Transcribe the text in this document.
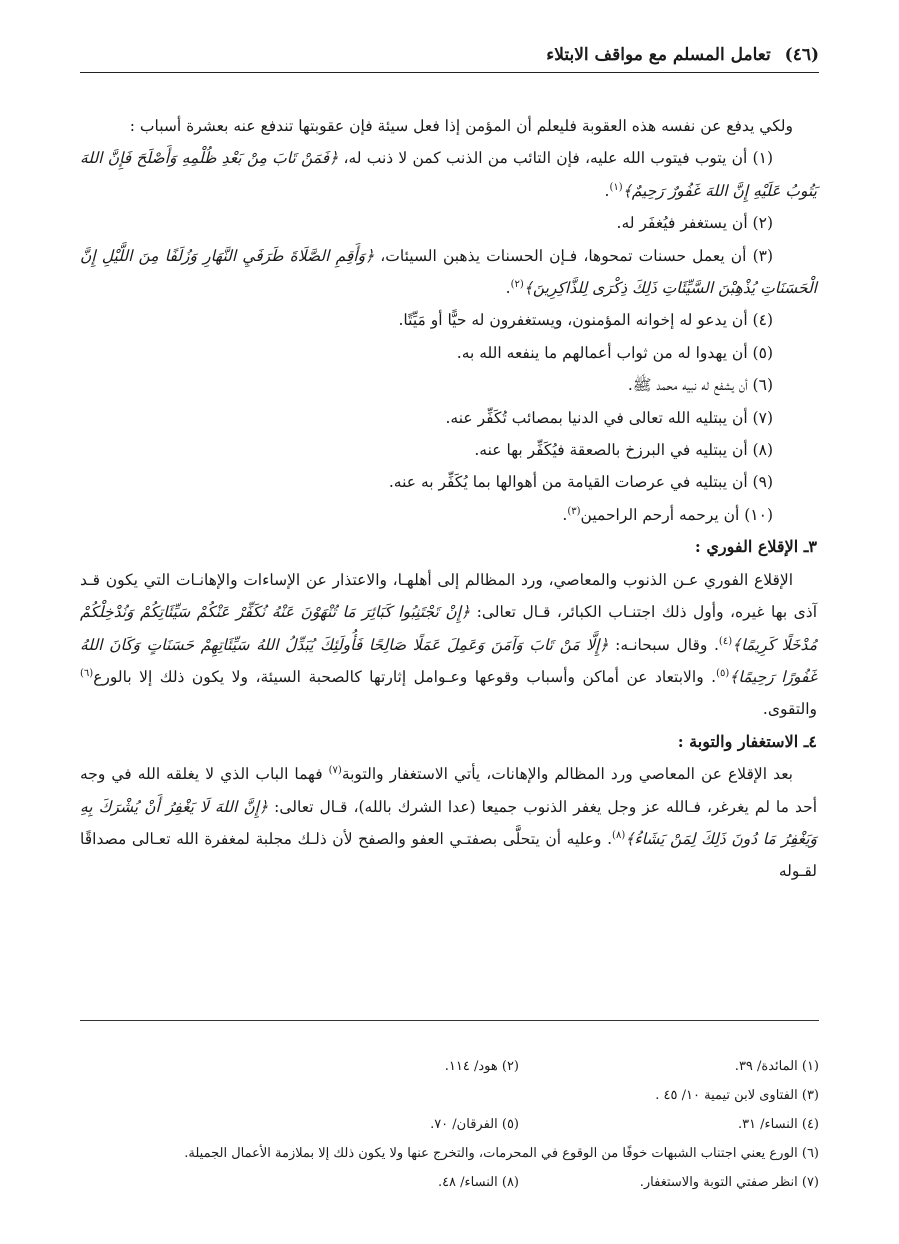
(٤٦) تعامل المسلم مع مواقف الابتلاء

ولكي يدفع عن نفسه هذه العقوبة فليعلم أن المؤمن إذا فعل سيئة فإن عقوبتها تندفع عنه بعشرة أسباب :

(١) أن يتوب فيتوب الله عليه، فإن التائب من الذنب كمن لا ذنب له، ﴿فَمَنْ تَابَ مِنْ بَعْدِ ظُلْمِهِ وَأَصْلَحَ فَإِنَّ اللهَ يَتُوبُ عَلَيْهِ إِنَّ اللهَ غَفُورٌ رَحِيمٌ﴾$^{(١)}$.

(٢) أن يستغفر فيُغفَر له.

(٣) أن يعمل حسنات تمحوها، فـإن الحسنات يذهبن السيئات، ﴿وَأَقِمِ الصَّلَاةَ طَرَفَيِ النَّهَارِ وَزُلَفًا مِنَ اللَّيْلِ إِنَّ الْحَسَنَاتِ يُذْهِبْنَ السَّيِّئَاتِ ذَلِكَ ذِكْرَى لِلذَّاكِرِينَ﴾$^{(٢)}$.

(٤) أن يدعو له إخوانه المؤمنون، ويستغفرون له حيًّا أو مَيِّتًا.

(٥) أن يهدوا له من ثواب أعمالهم ما ينفعه الله به.

(٦) أن يشفع له نبيه محمد ﷺ.

(٧) أن يبتليه الله تعالى في الدنيا بمصائب تُكَفِّر عنه.

(٨) أن يبتليه في البرزخ بالصعقة فيُكَفِّر بها عنه.

(٩) أن يبتليه في عرصات القيامة من أهوالها بما يُكَفِّر به عنه.

(١٠) أن يرحمه أرحم الراحمين$^{(٣)}$.

٣ـ الإقلاع الفوري :

الإقلاع الفوري عـن الذنوب والمعاصي، ورد المظالم إلى أهلهـا، والاعتذار عن الإساءات والإهانـات التي يكون قـد آذى بها غيره، وأول ذلك اجتنـاب الكبائر، قـال تعالى: ﴿إِنْ تَجْتَنِبُوا كَبَائِرَ مَا تُنْهَوْنَ عَنْهُ نُكَفِّرْ عَنْكُمْ سَيِّئَاتِكُمْ وَنُدْخِلْكُمْ مُدْخَلًا كَرِيمًا﴾$^{(٤)}$. وقال سبحانـه: ﴿إِلَّا مَنْ تَابَ وَآمَنَ وَعَمِلَ عَمَلًا صَالِحًا فَأُولَئِكَ يُبَدِّلُ اللهُ سَيِّئَاتِهِمْ حَسَنَاتٍ وَكَانَ اللهُ غَفُورًا رَحِيمًا﴾$^{(٥)}$. والابتعاد عن أماكن وأسباب وقوعها وعـوامل إثارتها كالصحبة السيئة، ولا يكون ذلك إلا بالورع$^{(٦)}$ والتقوى.

٤ـ الاستغفار والتوبة :

بعد الإقلاع عن المعاصي ورد المظالم والإهانات، يأتي الاستغفار والتوبة$^{(٧)}$ فهما الباب الذي لا يغلقه الله في وجه أحد ما لم يغرغر، فـالله عز وجل يغفر الذنوب جميعا (عدا الشرك بالله)، قـال تعالى: ﴿إِنَّ اللهَ لَا يَغْفِرُ أَنْ يُشْرَكَ بِهِ وَيَغْفِرُ مَا دُونَ ذَلِكَ لِمَنْ يَشَاءُ﴾$^{(٨)}$. وعليه أن يتحلَّى بصفتـي العفو والصفح لأن ذلـك مجلبة لمغفرة الله تعـالى مصداقًا لقـوله

(١) المائدة/ ٣٩.
(٢) هود/ ١١٤.
(٣) الفتاوى لابن تيمية ١٠/ ٤٥ .
(٤) النساء/ ٣١.
(٥) الفرقان/ ٧٠.
(٦) الورع يعني اجتناب الشبهات خوفًا من الوقوع في المحرمات، والتخرج عنها ولا يكون ذلك إلا بملازمة الأعمال الجميلة.
(٧) انظر صفتي التوبة والاستغفار.
(٨) النساء/ ٤٨.
